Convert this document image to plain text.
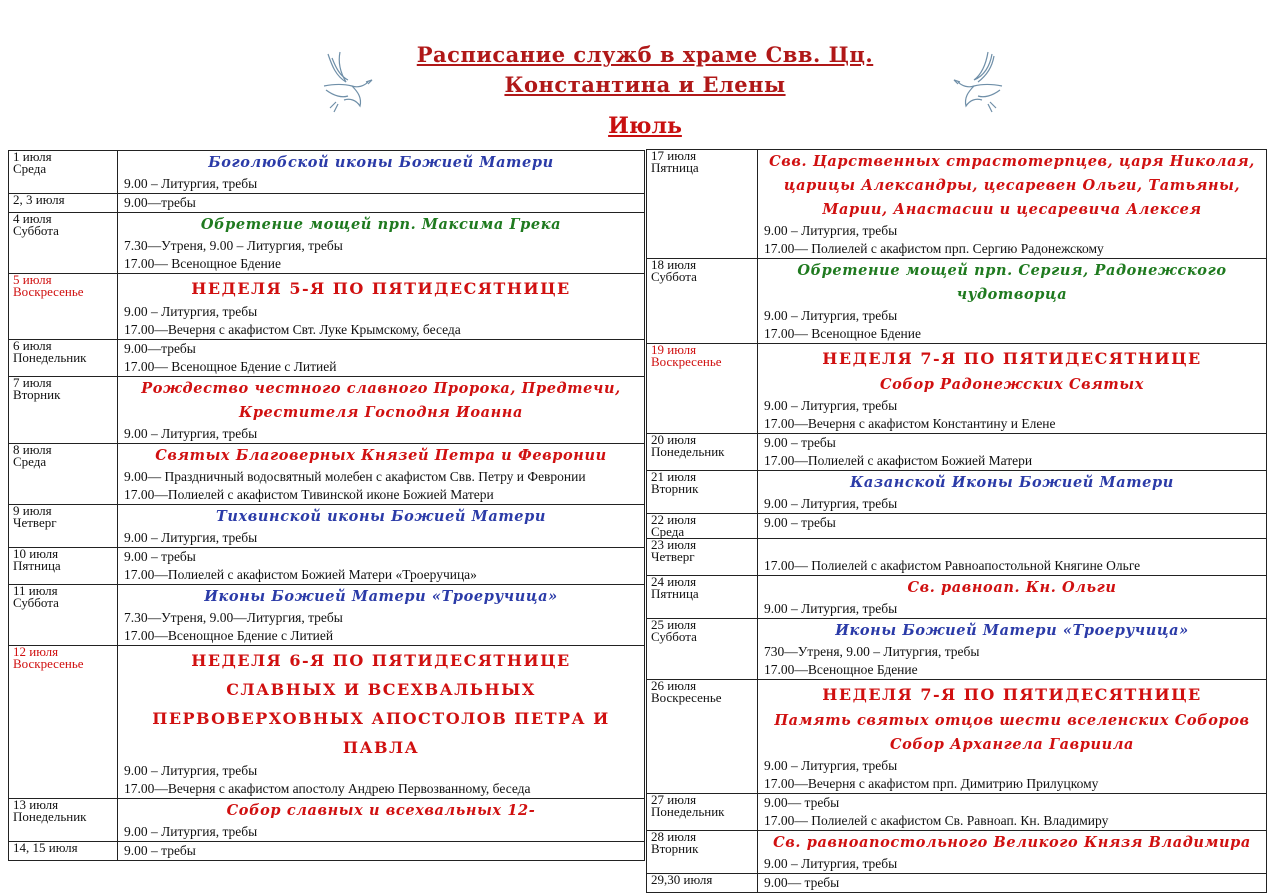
Расписание служб в храме Свв. Цц.
Константина и Елены
Июль
1 июля
Среда	Боголюбской иконы Божией Матери
9.00 – Литургия, требы

2, 3 июля	9.00—требы

4 июля
Суббота	Обретение мощей прп. Максима Грека
7.30—Утреня, 9.00 – Литургия, требы
17.00— Всенощное Бдение

5 июля
Воскресенье	НЕДЕЛЯ 5-Я ПО ПЯТИДЕСЯТНИЦЕ
9.00 – Литургия, требы
17.00—Вечерня с акафистом Свт. Луке Крымскому, беседа

6 июля
Понедельник	9.00—требы
17.00— Всенощное Бдение с Литией

7 июля
Вторник	Рождество честного славного Пророка, Предтечи, Крестителя Господня Иоанна
9.00 – Литургия, требы

8 июля
Среда	Святых Благоверных Князей Петра и Февронии
9.00— Праздничный водосвятный молебен с акафистом Свв. Петру и Февронии
17.00—Полиелей с акафистом Тивинской иконе Божией Матери

9 июля
Четверг	Тихвинской иконы Божией Матери
9.00 – Литургия, требы

10 июля
Пятница	9.00 – требы
17.00—Полиелей с акафистом Божией Матери «Троеручица»

11 июля
Суббота	Иконы Божией Матери «Троеручица»
7.30—Утреня, 9.00—Литургия, требы
17.00—Всенощное Бдение с Литией

12 июля
Воскресенье	НЕДЕЛЯ 6-Я ПО ПЯТИДЕСЯТНИЦЕ
СЛАВНЫХ И ВСЕХВАЛЬНЫХ ПЕРВОВЕРХОВНЫХ АПОСТОЛОВ ПЕТРА И ПАВЛА
9.00 – Литургия, требы
17.00—Вечерня с акафистом апостолу Андрею Первозванному, беседа

13 июля
Понедельник	Собор славных и всехвальных 12-
9.00 – Литургия, требы

14, 15 июля	9.00 – требы
17 июля
Пятница	Свв. Царственных страстотерпцев, царя Николая, царицы Александры, цесаревен Ольги, Татьяны, Марии, Анастасии и цесаревича Алексея
9.00 – Литургия, требы
17.00— Полиелей с акафистом прп. Сергию Радонежскому

18 июля
Суббота	Обретение мощей прп. Сергия, Радонежского чудотворца
9.00 – Литургия, требы
17.00— Всенощное Бдение

19 июля
Воскресенье	НЕДЕЛЯ 7-Я ПО ПЯТИДЕСЯТНИЦЕ
Собор Радонежских Святых
9.00 – Литургия, требы
17.00—Вечерня с акафистом Константину и Елене

20 июля
Понедельник	9.00 – требы
17.00—Полиелей с акафистом Божией Матери

21 июля
Вторник	Казанской Иконы Божией Матери
9.00 – Литургия, требы

22 июля
Среда	9.00 – требы

23 июля
Четверг	17.00— Полиелей с акафистом Равноапостольной Княгине Ольге

24 июля
Пятница	Св. равноап. Кн. Ольги
9.00 – Литургия, требы

25 июля
Суббота	Иконы Божией Матери «Троеручица»
730—Утреня, 9.00 – Литургия, требы
17.00—Всенощное Бдение

26 июля
Воскресенье	НЕДЕЛЯ 7-Я ПО ПЯТИДЕСЯТНИЦЕ
Память святых отцов шести вселенских Соборов
Собор Архангела Гавриила
9.00 – Литургия, требы
17.00—Вечерня с акафистом прп. Димитрию Прилуцкому

27 июля
Понедельник	9.00— требы
17.00— Полиелей с акафистом Св. Равноап. Кн. Владимиру

28 июля
Вторник	Св. равноапостольного Великого Князя Владимира
9.00 – Литургия, требы

29,30 июля	9.00— требы
